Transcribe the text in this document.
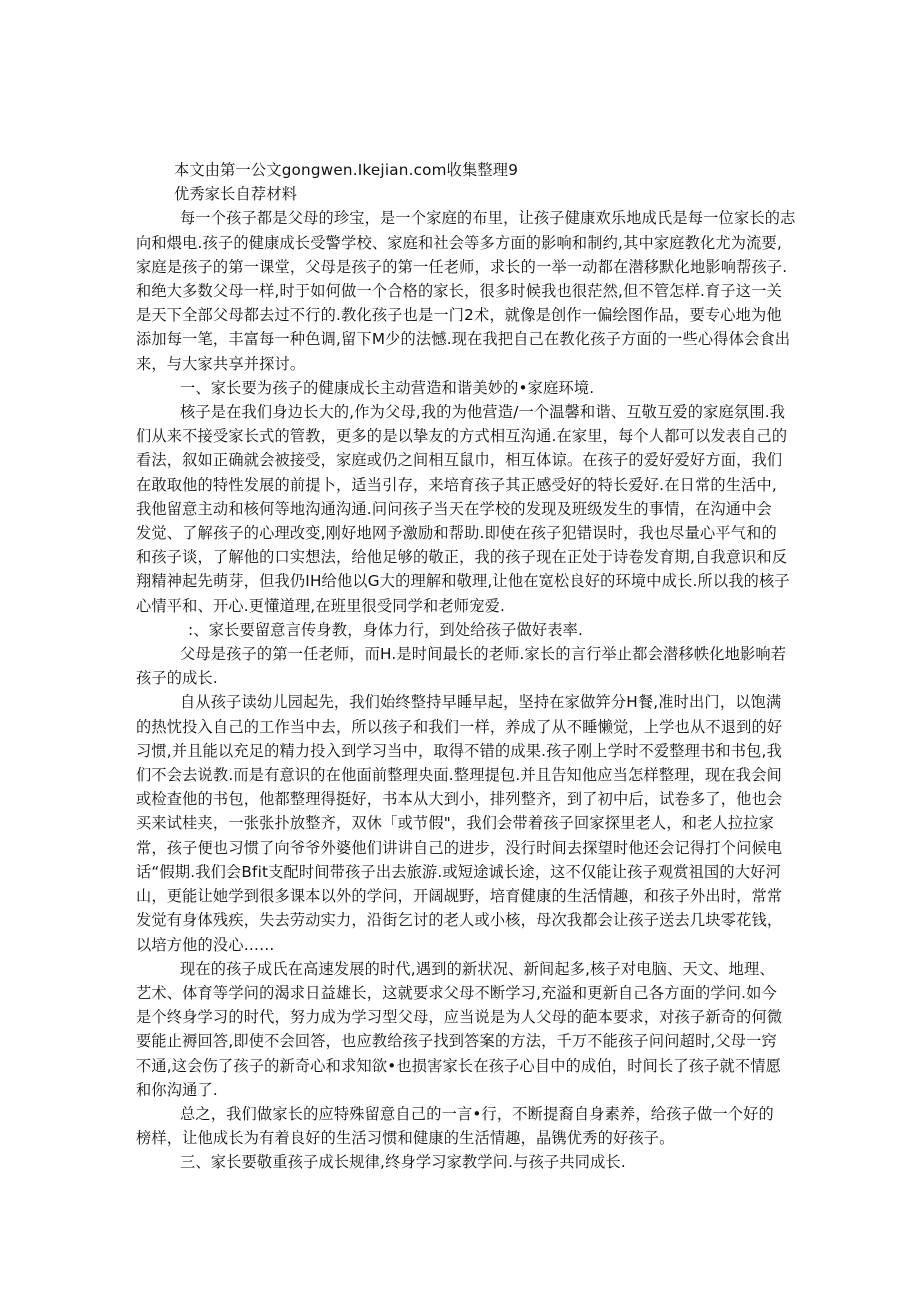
本文由第一公文gongwen.Ikejian.com收集整理9
优秀家长自荐材料
每一个孩子都是父母的珍宝，是一个家庭的布里，让孩子健康欢乐地成氏是每一位家长的志
向和煨电.孩子的健康成长受警学校、家庭和社会等多方面的影响和制约,其中家庭教化尤为流要,
家庭是孩子的第一课堂，父母是孩子的第一任老师，求长的一举一动都在潜移默化地影响帮孩子.
和绝大多数父母一样,时于如何做一个合格的家长，很多时候我也很茫然,但不管怎样.育子这一关
是天下全部父母都去过不行的.教化孩子也是一门2术，就像是创作一偏绘图作品，要专心地为他
添加每一笔，丰富每一种色调,留下M少的法憾.现在我把自己在教化孩子方面的一些心得体会食出
来，与大家共享并探讨。
一、家长要为孩子的健康成长主动营造和谐美妙的•家庭环境.
核子是在我们身边长大的,作为父母,我的为他营造/一个温馨和谐、互敬互爱的家庭氛围.我
们从来不接受家长式的管教，更多的是以挚友的方式相互沟通.在家里，每个人都可以发表自己的
看法，叙如正确就会被接受，家庭或仍之间相互鼠巾，相互体谅。在孩子的爱好爱好方面，我们
在敢取他的特性发展的前提卜，适当引存，来培育孩子其正感受好的特长爱好.在日常的生活中,
我他留意主动和核何等地沟通沟通.问问孩子当天在学校的发现及班级发生的事情，在沟通中会
发觉、了解孩子的心理改变,刚好地网予激励和帮助.即使在孩子犯错误时，我也尽量心平气和的
和孩子谈，了解他的口实想法，给他足够的敬正，我的孩子现在正处于诗卷发育期,自我意识和反
翔精神起先萌芽，但我仍IH给他以G大的理解和敬理,让他在宽松良好的环境中成长.所以我的核子
心情平和、开心.更懂道理,在班里很受同学和老师宠爱.
:、家长要留意言传身教，身体力行，到处给孩子做好表率.
父母是孩子的第一任老师，而H.是时间最长的老师.家长的言行举止都会潜移帙化地影响若
孩子的成长.
自从孩子读幼儿园起先，我们始终整持早睡早起，坚持在家做笄分H餐,准时出门，以饱满
的热忱投入自己的工作当中去，所以孩子和我们一样，养成了从不睡懒觉，上学也从不退到的好
习惯,并且能以充足的精力投入到学习当中，取得不错的成果.孩子刚上学时不爱整理书和书包,我
们不会去说教.而是有意识的在他面前整理央面.整理提包.并且告知他应当怎样整理，现在我会间
或检查他的书包，他都整理得挺好，书本从大到小，排列整齐，到了初中后，试卷多了，他也会
买来试桂夹，一张张扑放整齐，双休「或节假"，我们会带着孩子回家探里老人，和老人拉拉家
常，孩子便也习惯了向爷爷外婆他们讲讲自己的进步，没行时间去探望时他还会记得打个问候电
话“假期.我们会Bfit支配时间带孩子出去旅游.或短途诚长途，这不仅能让孩子观赏祖国的大好河
山，更能让她学到很多课本以外的学问，开阔觇野，培育健康的生活情趣，和孩子外出时，常常
发觉有身体残疾，失去劳动实力，沿街乞讨的老人或小核，母次我都会让孩子送去几块零花钱，
以培方他的没心……
现在的孩子成氏在高速发展的时代,遇到的新状况、新间起多,核子对电脑、天文、地理、
艺术、体育等学问的渴求日益雄长，这就要求父母不断学习,充溢和更新自己各方面的学问.如今
是个终身学习的时代，努力成为学习型父母，应当说是为人父母的葩本要求，对孩子新奇的何微
要能止褥回答,即使不会回答，也应教给孩子找到答案的方法，千万不能孩子问问超时,父母一窍
不通,这会伤了孩子的新奇心和求知欲•也损害家长在孩子心目中的成伯，时间长了孩子就不情愿
和你沟通了.
总之，我们做家长的应特殊留意自己的一言•行，不断提裔自身素养，给孩子做一个好的
榜样，让他成长为有着良好的生活习惯和健康的生活情趣，晶镌优秀的好孩子。
三、家长要敬重孩子成长规律,终身学习家教学问.与孩子共同成长.
